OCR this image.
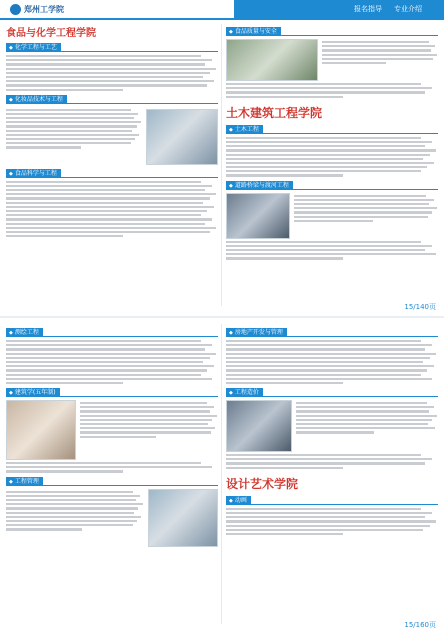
郑州工学院	报名指导 专业介绍
食品与化学工程学院
◆ 化学工程与工艺
◆ 化妆品技术与工程
◆ 食品科学与工程
◆ 食品质量与安全
土木建筑工程学院
◆ 土木工程
◆ 道路桥梁与渡河工程
15/140页
◆ 测绘工程
◆ 建筑学(五年制)
◆ 工程管理
◆ 房地产开发与管理
◆ 工程造价
设计艺术学院
◆ 动画
15/160页
